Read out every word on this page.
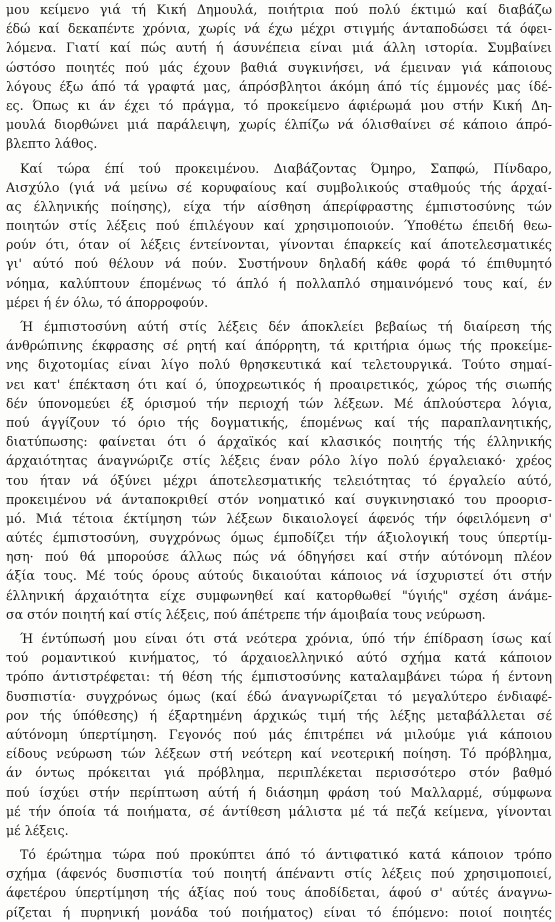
μου κείμενο γιά τή Κική Δημουλά, ποιήτρια πού πολύ έκτιμώ καί διαβάζω
έδώ καί δεκαπέντε χρόνια, χωρίς νά έχω μέχρι στιγμής άνταποδώσει τά όφει-
λόμενα. Γιατί καί πώς αυτή ή άσυνέπεια είναι μιά άλλη ιστορία. Συμβαίνει
ώστόσο ποιητές πού μάς έχουν βαθιά συγκινήσει, νά έμειναν γιά κάποιους
λόγους έξω άπό τά γραφτά μας, άπρόσβλητοι άκόμη άπό τίς έμμονές μας ίδέ-
ες. Όπως κι άν έχει τό πράγμα, τό προκείμενο άφιέρωμά μου στήν Κική Δη-
μουλά διορθώνει μιά παράλειψη, χωρίς έλπίζω νά όλισθαίνει σέ κάποιο άπρό-
βλεπτο λάθος.
Καί τώρα έπί τού προκειμένου. Διαβάζοντας Όμηρο, Σαπφώ, Πίνδαρο,
Αισχύλο (γιά νά μείνω σέ κορυφαίους καί συμβολικούς σταθμούς τής άρχαί-
ας έλληνικής ποίησης), είχα τήν αίσθηση άπερίφραστης έμπιστοσύνης τών
ποιητών στίς λέξεις πού έπιλέγουν καί χρησιμοποιούν. Ύποθέτω έπειδή θεω-
ρούν ότι, όταν οί λέξεις έντείνονται, γίνονται έπαρκείς καί άποτελεσματικές
γι' αύτό πού θέλουν νά πούν. Συστήνουν δηλαδή κάθε φορά τό έπιθυμητό
νόημα, καλύπτουν έπομένως τό άπλό ή πολλαπλό σημαινόμενό τους καί, έν
μέρει ή έν όλω, τό άπορροφούν.
Ή έμπιστοσύνη αύτή στίς λέξεις δέν άποκλείει βεβαίως τή διαίρεση τής
άνθρώπινης έκφρασης σέ ρητή καί άπόρρητη, τά κριτήρια όμως τής προκείμε-
νης διχοτομίας είναι λίγο πολύ θρησκευτικά καί τελετουργικά. Τούτο σημαί-
νει κατ' έπέκταση ότι καί ό, ύποχρεωτικός ή προαιρετικός, χώρος τής σιωπής
δέν ύπονομεύει έξ όρισμού τήν περιοχή τών λέξεων. Μέ άπλούστερα λόγια,
πού άγγίζουν τό όριο τής δογματικής, έπομένως καί τής παραπλανητικής,
διατύπωσης: φαίνεται ότι ό άρχαϊκός καί κλασικός ποιητής τής έλληνικής
άρχαιότητας άναγνώριζε στίς λέξεις έναν ρόλο λίγο πολύ έργαλειακό· χρέος
του ήταν νά όξύνει μέχρι άποτελεσματικής τελειότητας τό έργαλείο αύτό,
προκειμένου νά άνταποκριθεί στόν νοηματικό καί συγκινησιακό του προορισ-
μό. Μιά τέτοια έκτίμηση τών λέξεων δικαιολογεί άφενός τήν όφειλόμενη σ'
αύτές έμπιστοσύνη, συγχρόνως όμως έμποδίζει τήν άξιολογική τους ύπερτίμ-
ηση· πού θά μπορούσε άλλως πώς νά όδηγήσει καί στήν αύτόνομη πλέον
άξία τους. Μέ τούς όρους αύτούς δικαιούται κάποιος νά ίσχυριστεί ότι στήν
έλληνική άρχαιότητα είχε συμφωνηθεί καί κατορθωθεί "ύγιής" σχέση άνάμε-
σα στόν ποιητή καί στίς λέξεις, πού άπέτρεπε τήν άμοιβαία τους νεύρωση.
Ή έντύπωσή μου είναι ότι στά νεότερα χρόνια, ύπό τήν έπίδραση ίσως καί
τού ρομαντικού κινήματος, τό άρχαιοελληνικό αύτό σχήμα κατά κάποιον
τρόπο άντιστρέφεται: τή θέση τής έμπιστοσύνης καταλαμβάνει τώρα ή έντονη
δυσπιστία· συγχρόνως όμως (καί έδώ άναγνωρίζεται τό μεγαλύτερο ένδιαφέ-
ρον τής ύπόθεσης) ή έξαρτημένη άρχικώς τιμή τής λέξης μεταβάλλεται σέ
αύτόνομη ύπερτίμηση. Γεγονός πού μάς έπιτρέπει νά μιλούμε γιά κάποιου
είδους νεύρωση τών λέξεων στή νεότερη καί νεοτερική ποίηση. Τό πρόβλημα,
άν όντως πρόκειται γιά πρόβλημα, περιπλέκεται περισσότερο στόν βαθμό
πού ίσχύει στήν περίπτωση αύτή ή διάσημη φράση τού Μαλλαρμέ, σύμφωνα
μέ τήν όποία τά ποιήματα, σέ άντίθεση μάλιστα μέ τά πεζά κείμενα, γίνονται
μέ λέξεις.
Τό έρώτημα τώρα πού προκύπτει άπό τό άντιφατικό κατά κάποιον τρόπο
σχήμα (άφενός δυσπιστία τού ποιητή άπέναντι στίς λέξεις πού χρησιμοποιεί,
άφετέρου ύπερτίμηση τής άξίας πού τους άποδίδεται, άφού σ' αύτές άναγνω-
ρίζεται ή πυρηνική μονάδα τού ποιήματος) είναι τό έπόμενο: ποιοί ποιητές
